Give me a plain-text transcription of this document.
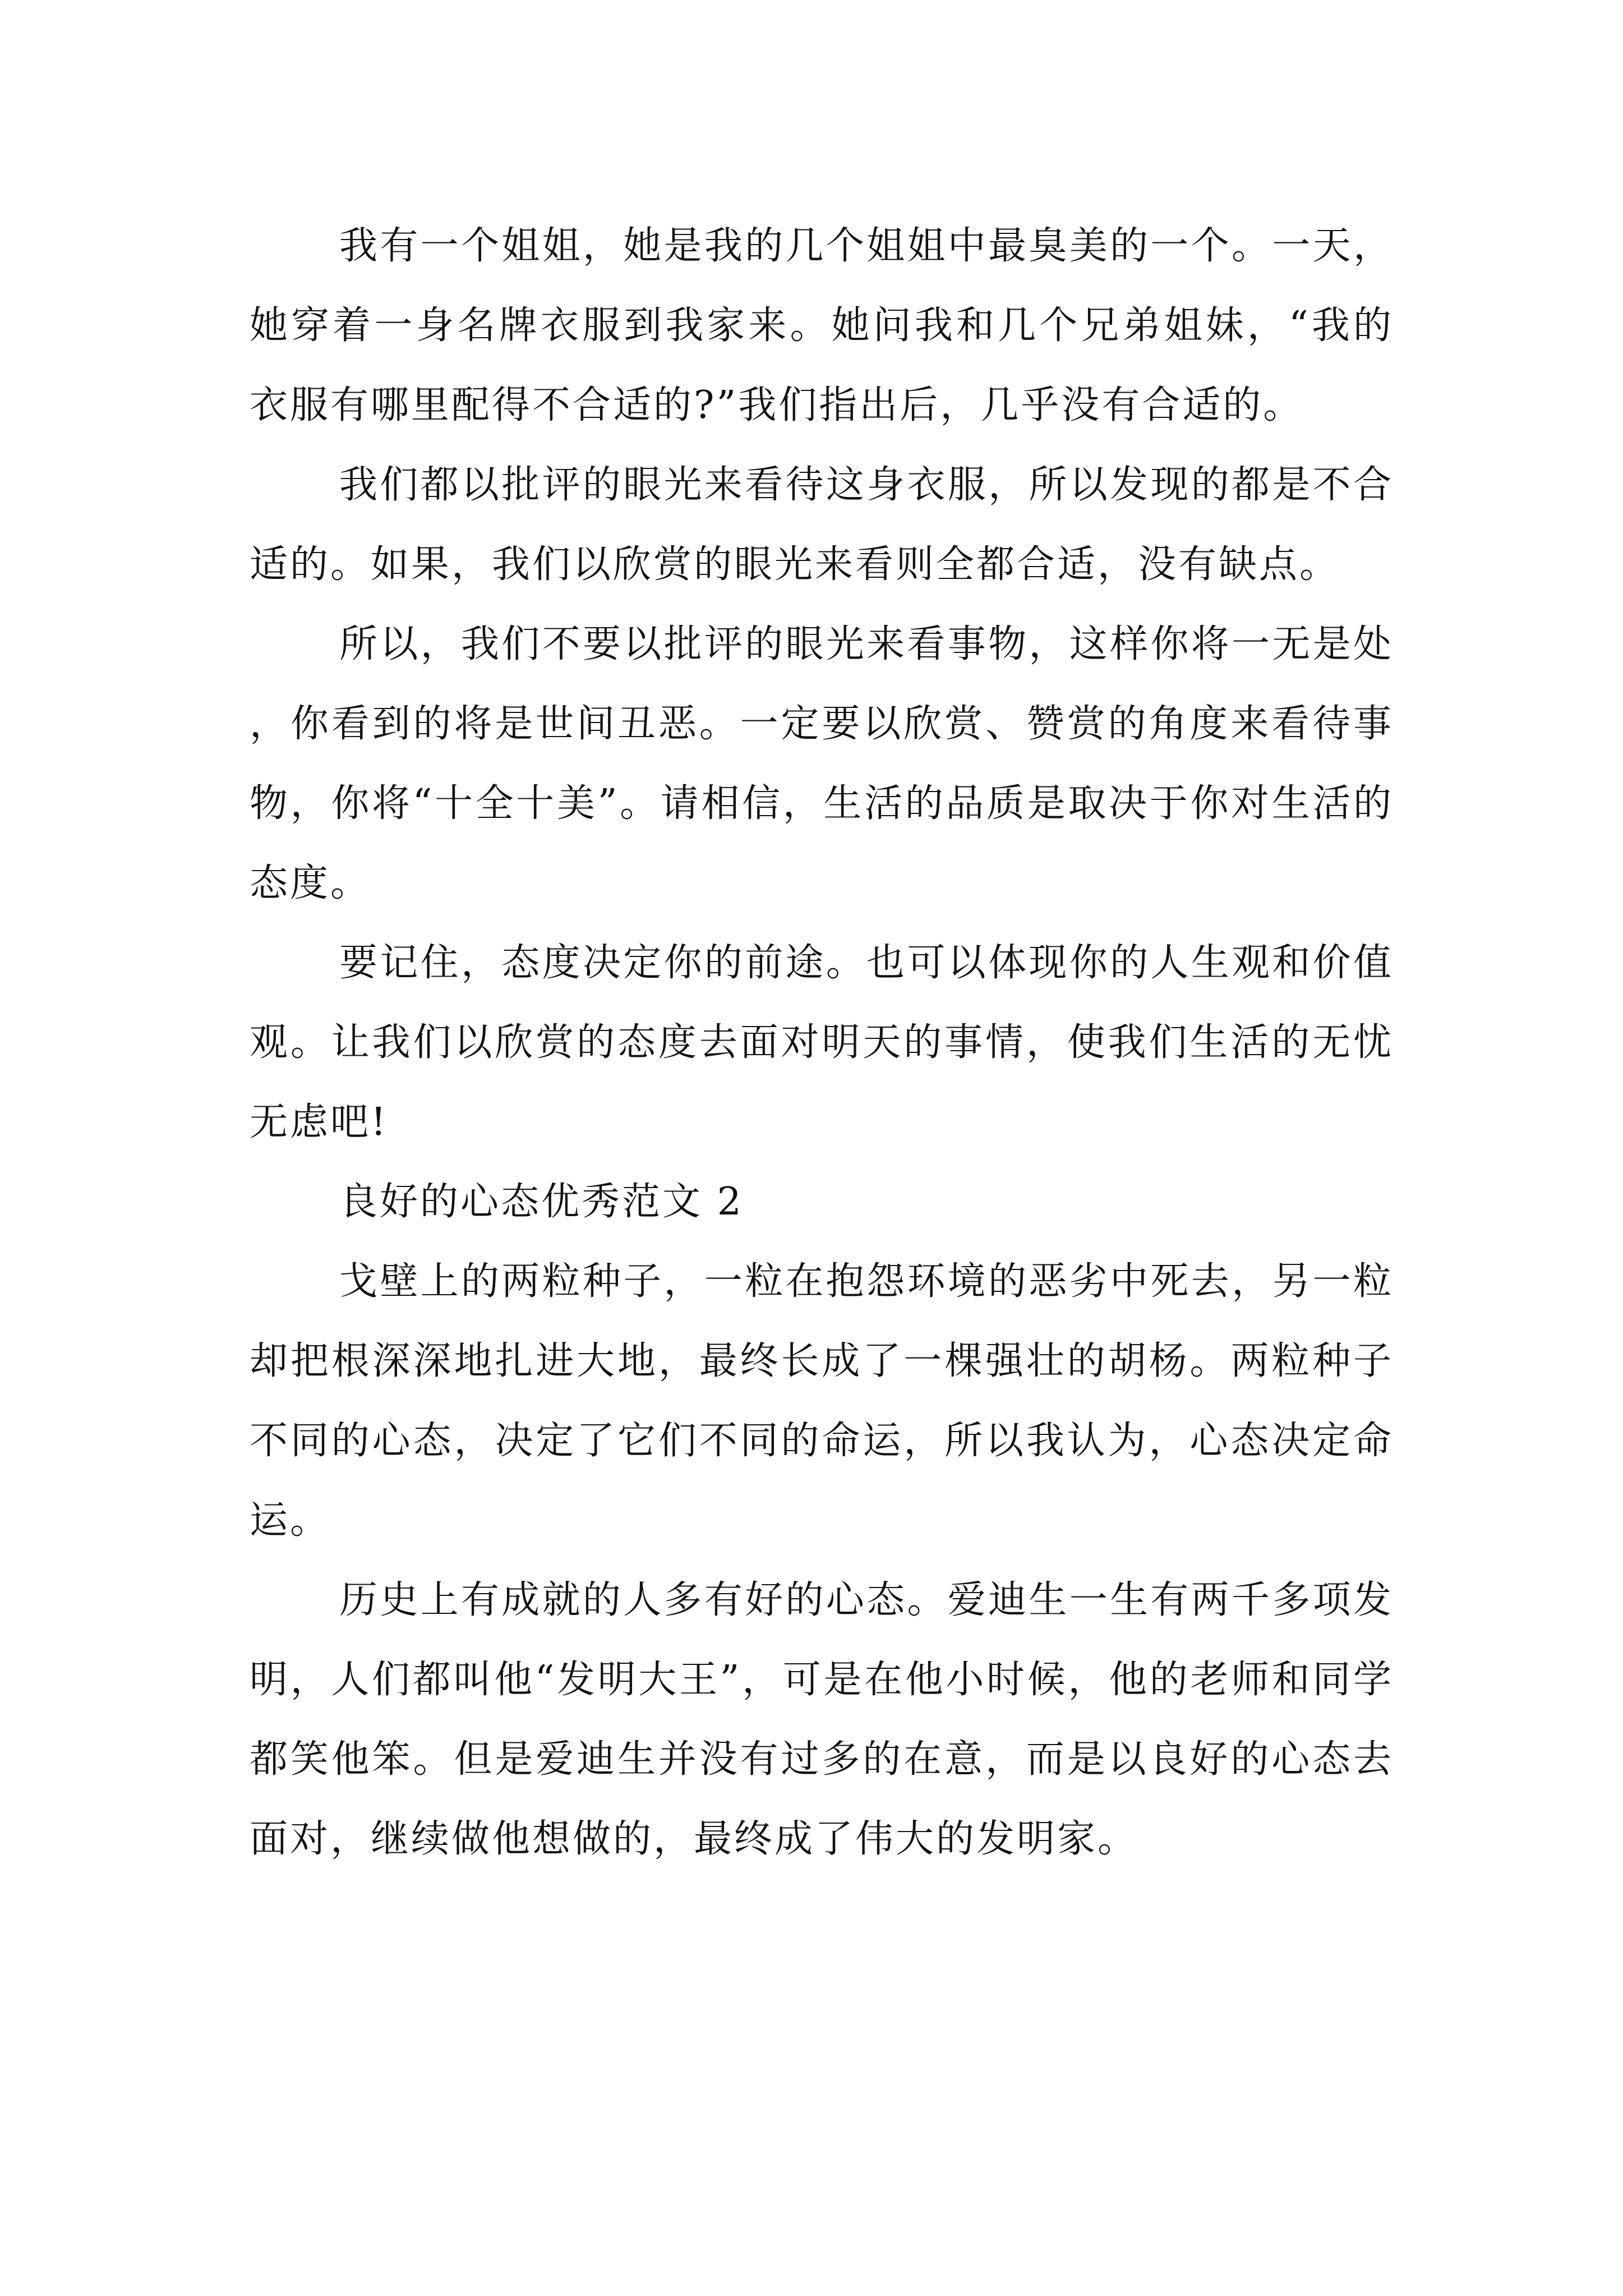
我有一个姐姐，她是我的几个姐姐中最臭美的一个。一天，她穿着一身名牌衣服到我家来。她问我和几个兄弟姐妹，“我的衣服有哪里配得不合适的?”我们指出后，几乎没有合适的。

我们都以批评的眼光来看待这身衣服，所以发现的都是不合适的。如果，我们以欣赏的眼光来看则全都合适，没有缺点。

所以，我们不要以批评的眼光来看事物，这样你将一无是处，你看到的将是世间丑恶。一定要以欣赏、赞赏的角度来看待事物，你将“十全十美”。请相信，生活的品质是取决于你对生活的态度。

要记住，态度决定你的前途。也可以体现你的人生观和价值观。让我们以欣赏的态度去面对明天的事情，使我们生活的无忧无虑吧!

良好的心态优秀范文 2

戈壁上的两粒种子，一粒在抱怨环境的恶劣中死去，另一粒却把根深深地扎进大地，最终长成了一棵强壮的胡杨。两粒种子不同的心态，决定了它们不同的命运，所以我认为，心态决定命运。

历史上有成就的人多有好的心态。爱迪生一生有两千多项发明，人们都叫他“发明大王”，可是在他小时候，他的老师和同学都笑他笨。但是爱迪生并没有过多的在意，而是以良好的心态去面对，继续做他想做的，最终成了伟大的发明家。
